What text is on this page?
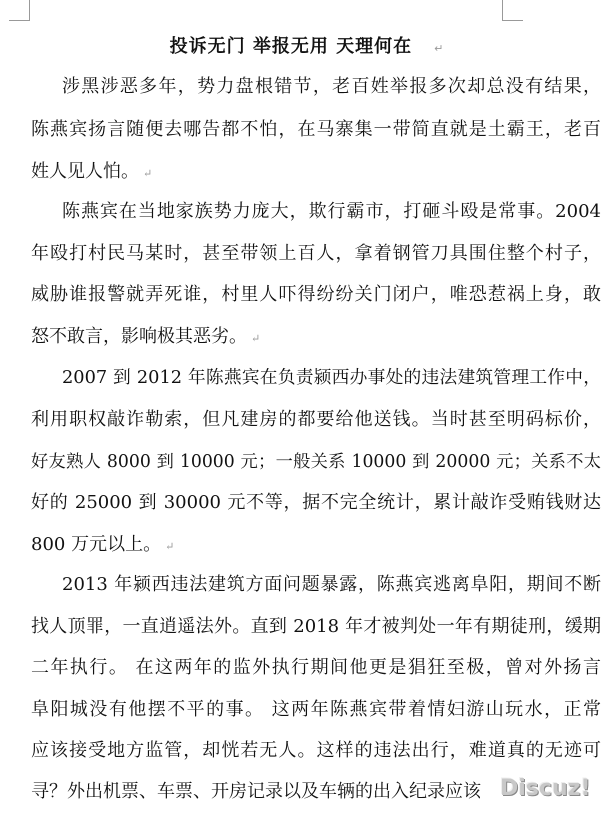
投诉无门 举报无用 天理何在 ↵
涉黑涉恶多年，势力盘根错节，老百姓举报多次却总没有结果，
陈燕宾扬言随便去哪告都不怕，在马寨集一带简直就是土霸王，老百
姓人见人怕。 ↵
陈燕宾在当地家族势力庞大，欺行霸市，打砸斗殴是常事。2004
年殴打村民马某时，甚至带领上百人，拿着钢管刀具围住整个村子，
威胁谁报警就弄死谁，村里人吓得纷纷关门闭户，唯恐惹祸上身，敢
怒不敢言，影响极其恶劣。 ↵
2007 到 2012 年陈燕宾在负责颍西办事处的违法建筑管理工作中，
利用职权敲诈勒索，但凡建房的都要给他送钱。当时甚至明码标价，
好友熟人 8000 到 10000 元；一般关系 10000 到 20000 元；关系不太
好的 25000 到 30000 元不等，据不完全统计，累计敲诈受贿钱财达
800 万元以上。 ↵
2013 年颍西违法建筑方面问题暴露，陈燕宾逃离阜阳，期间不断
找人顶罪，一直逍遥法外。直到 2018 年才被判处一年有期徒刑，缓期
二年执行。 在这两年的监外执行期间他更是猖狂至极，曾对外扬言
阜阳城没有他摆不平的事。 这两年陈燕宾带着情妇游山玩水，正常
应该接受地方监管，却恍若无人。这样的违法出行，难道真的无迹可
寻？外出机票、车票、开房记录以及车辆的出入纪录应该 Discuz!
